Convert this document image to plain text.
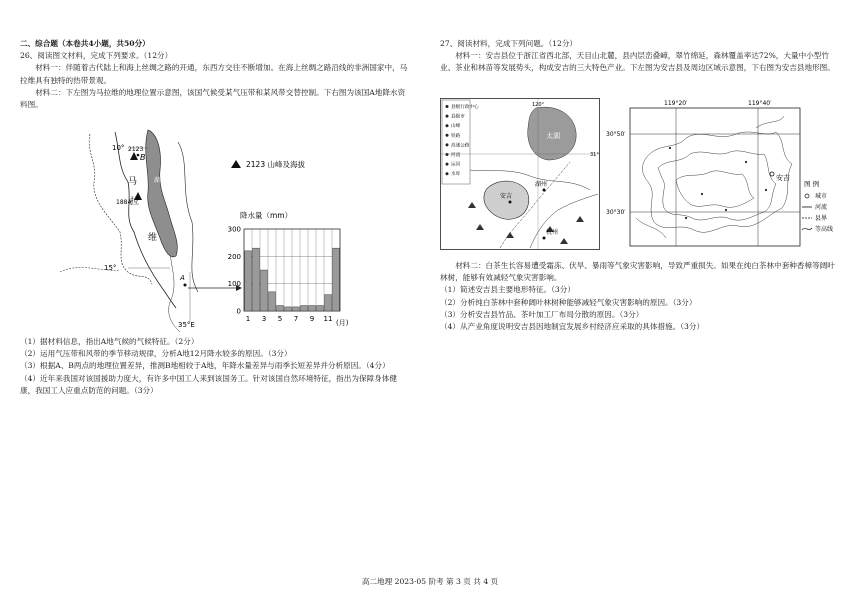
二、综合题（本卷共4小题，共50分）

26、阅读图文材料，完成下列要求。（12分）

材料一：伴随着古代陆上和海上丝绸之路的开通，东西方交往不断增加。在海上丝绸之路沿线的非洲国家中，马拉维具有独特的热带景观。

材料二：下左图为马拉维的地理位置示意图，该国气候受某气压带和某风带交替控制。下右图为该国A地降水资料图。

10°
15°
35°E
2123
B
1884
马
拉
维
湖
A
2123 山峰及海拔
降水量（mm）
300
200
100
0
1 3 5 7 9 11 (月)

（1）据材料信息，指出A地气候的气候特征。（2分）

（2）运用气压带和风带的季节移动规律，分析A地12月降水较多的原因。（3分）

（3）根据A、B两点的地理位置差异，推测B地相较于A地，年降水量差异与雨季长短差异并分析原因。（4分）

（4）近年来我国对该国援助力度大，有许多中国工人来到该国务工。针对该国自然环境特征，指出为保障身体健康，我国工人应重点防范的问题。（3分）

27、阅读材料，完成下列问题。（12分）

材料一：安吉县位于浙江省西北部，天目山北麓，县内层峦叠嶂，翠竹绵延，森林覆盖率达72%，大量中小型竹业、茶业和林苗等发展势头，构成安吉的三大特色产业。下左图为安吉县及周边区域示意图，下右图为安吉县地形图。

县级行政中心
县级市
山峰
铁路
高速公路
河流
运河
水库
太湖
120°
31°
湖州
安吉
杭州
119°20′	119°40′
30°50′
30°30′
安吉
图 例
城市
河流
县界
等高线

材料二：白茶生长容易遭受霜冻、伏旱、暴雨等气象灾害影响，导致严重损失。如果在纯白茶林中套种香樟等阔叶林树，能够有效减轻气象灾害影响。

（1）简述安吉县主要地形特征。（3分）

（2）分析纯白茶林中套种阔叶林树种能够减轻气象灾害影响的原因。（3分）

（3）分析安吉县竹品、茶叶加工厂布局分散的原因。（3分）

（4）从产业角度说明安吉县因地制宜发展乡村经济应采取的具体措施。（3分）

高二地理 2023·05 阶考 第 3 页 共 4 页
